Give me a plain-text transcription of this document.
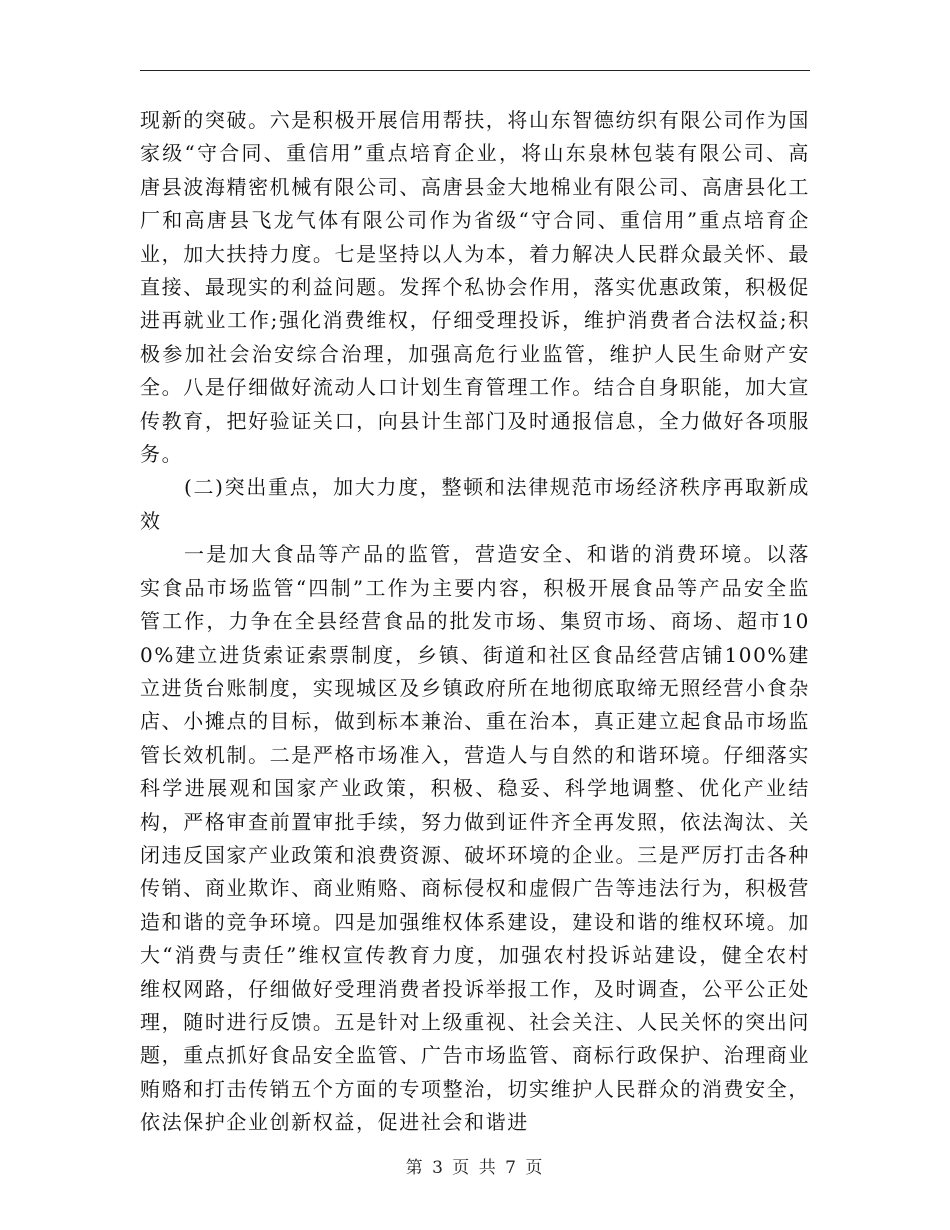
现新的突破。六是积极开展信用帮扶，将山东智德纺织有限公司作为国家级“守合同、重信用”重点培育企业，将山东泉林包装有限公司、高唐县波海精密机械有限公司、高唐县金大地棉业有限公司、高唐县化工厂和高唐县飞龙气体有限公司作为省级“守合同、重信用”重点培育企业，加大扶持力度。七是坚持以人为本，着力解决人民群众最关怀、最直接、最现实的利益问题。发挥个私协会作用，落实优惠政策，积极促进再就业工作;强化消费维权，仔细受理投诉，维护消费者合法权益;积极参加社会治安综合治理，加强高危行业监管，维护人民生命财产安全。八是仔细做好流动人口计划生育管理工作。结合自身职能，加大宣传教育，把好验证关口，向县计生部门及时通报信息，全力做好各项服务。

(二)突出重点，加大力度，整顿和法律规范市场经济秩序再取新成效

一是加大食品等产品的监管，营造安全、和谐的消费环境。以落实食品市场监管“四制”工作为主要内容，积极开展食品等产品安全监管工作，力争在全县经营食品的批发市场、集贸市场、商场、超市100%建立进货索证索票制度，乡镇、街道和社区食品经营店铺100%建立进货台账制度，实现城区及乡镇政府所在地彻底取缔无照经营小食杂店、小摊点的目标，做到标本兼治、重在治本，真正建立起食品市场监管长效机制。二是严格市场准入，营造人与自然的和谐环境。仔细落实科学进展观和国家产业政策，积极、稳妥、科学地调整、优化产业结构，严格审查前置审批手续，努力做到证件齐全再发照，依法淘汰、关闭违反国家产业政策和浪费资源、破坏环境的企业。三是严厉打击各种传销、商业欺诈、商业贿赂、商标侵权和虚假广告等违法行为，积极营造和谐的竞争环境。四是加强维权体系建设，建设和谐的维权环境。加大“消费与责任”维权宣传教育力度，加强农村投诉站建设，健全农村维权网路，仔细做好受理消费者投诉举报工作，及时调查，公平公正处理，随时进行反馈。五是针对上级重视、社会关注、人民关怀的突出问题，重点抓好食品安全监管、广告市场监管、商标行政保护、治理商业贿赂和打击传销五个方面的专项整治，切实维护人民群众的消费安全，依法保护企业创新权益，促进社会和谐进

第 3 页 共 7 页
